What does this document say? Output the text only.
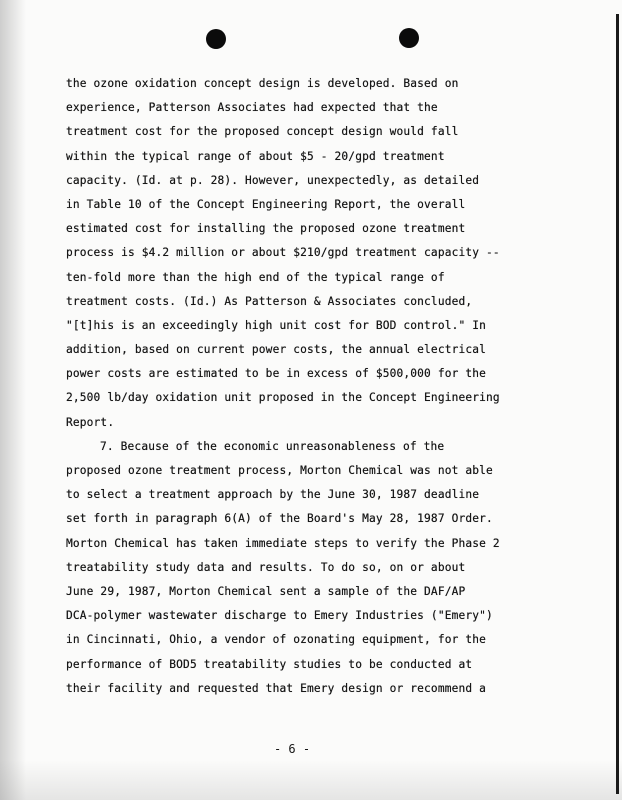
the ozone oxidation concept design is developed. Based on
experience, Patterson Associates had expected that the
treatment cost for the proposed concept design would fall
within the typical range of about $5 - 20/gpd treatment
capacity. (Id. at p. 28). However, unexpectedly, as detailed
in Table 10 of the Concept Engineering Report, the overall
estimated cost for installing the proposed ozone treatment
process is $4.2 million or about $210/gpd treatment capacity --
ten-fold more than the high end of the typical range of
treatment costs. (Id.) As Patterson & Associates concluded,
"[t]his is an exceedingly high unit cost for BOD control." In
addition, based on current power costs, the annual electrical
power costs are estimated to be in excess of $500,000 for the
2,500 lb/day oxidation unit proposed in the Concept Engineering
Report.
7. Because of the economic unreasonableness of the
proposed ozone treatment process, Morton Chemical was not able
to select a treatment approach by the June 30, 1987 deadline
set forth in paragraph 6(A) of the Board's May 28, 1987 Order.
Morton Chemical has taken immediate steps to verify the Phase 2
treatability study data and results. To do so, on or about
June 29, 1987, Morton Chemical sent a sample of the DAF/AP
DCA-polymer wastewater discharge to Emery Industries ("Emery")
in Cincinnati, Ohio, a vendor of ozonating equipment, for the
performance of BOD5 treatability studies to be conducted at
their facility and requested that Emery design or recommend a
- 6 -
